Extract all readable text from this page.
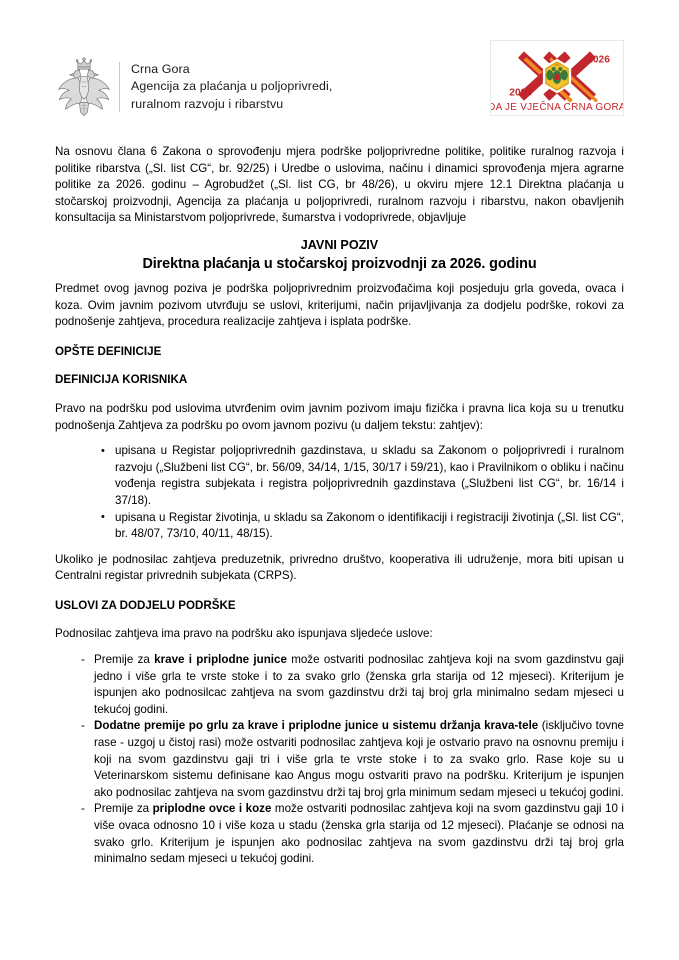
Crna Gora
Agencija za plaćanja u poljoprivredi,
ruralnom razvoju i ribarstvu
2006
2026
DA JE VJEČNA CRNA GORA

Na osnovu člana 6 Zakona o sprovođenju mjera podrške poljoprivredne politike, politike ruralnog razvoja i politike ribarstva („Sl. list CG“, br. 92/25) i Uredbe o uslovima, načinu i dinamici sprovođenja mjera agrarne politike za 2026. godinu – Agrobudžet („Sl. list CG, br 48/26), u okviru mjere 12.1 Direktna plaćanja u stočarskoj proizvodnji, Agencija za plaćanja u poljoprivredi, ruralnom razvoju i ribarstvu, nakon obavljenih konsultacija sa Ministarstvom poljoprivrede, šumarstva i vodoprivrede, objavljuje

JAVNI POZIV
Direktna plaćanja u stočarskoj proizvodnji za 2026. godinu

Predmet ovog javnog poziva je podrška poljoprivrednim proizvođačima koji posjeduju grla goveda, ovaca i koza. Ovim javnim pozivom utvrđuju se uslovi, kriterijumi, način prijavljivanja za dodjelu podrške, rokovi za podnošenje zahtjeva, procedura realizacije zahtjeva i isplata podrške.

OPŠTE DEFINICIJE
DEFINICIJA KORISNIKA

Pravo na podršku pod uslovima utvrđenim ovim javnim pozivom imaju fizička i pravna lica koja su u trenutku podnošenja Zahtjeva za podršku po ovom javnom pozivu (u daljem tekstu: zahtjev):

• upisana u Registar poljoprivrednih gazdinstava, u skladu sa Zakonom o poljoprivredi i ruralnom razvoju („Službeni list CG“, br. 56/09, 34/14, 1/15, 30/17 i 59/21), kao i Pravilnikom o obliku i načinu vođenja registra subjekata i registra poljoprivrednih gazdinstava („Službeni list CG“, br. 16/14 i 37/18).
• upisana u Registar životinja, u skladu sa Zakonom o identifikaciji i registraciji životinja („Sl. list CG“, br. 48/07, 73/10, 40/11, 48/15).

Ukoliko je podnosilac zahtjeva preduzetnik, privredno društvo, kooperativa ili udruženje, mora biti upisan u Centralni registar privrednih subjekata (CRPS).

USLOVI ZA DODJELU PODRŠKE

Podnosilac zahtjeva ima pravo na podršku ako ispunjava sljedeće uslove:

- Premije za krave i priplodne junice može ostvariti podnosilac zahtjeva koji na svom gazdinstvu gaji jedno i više grla te vrste stoke i to za svako grlo (ženska grla starija od 12 mjeseci). Kriterijum je ispunjen ako podnosilcac zahtjeva na svom gazdinstvu drži taj broj grla minimalno sedam mjeseci u tekućoj godini.
- Dodatne premije po grlu za krave i priplodne junice u sistemu držanja krava-tele (isključivo tovne rase - uzgoj u čistoj rasi) može ostvariti podnosilac zahtjeva koji je ostvario pravo na osnovnu premiju i koji na svom gazdinstvu gaji tri i više grla te vrste stoke i to za svako grlo. Rase koje su u Veterinarskom sistemu definisane kao Angus mogu ostvariti pravo na podršku. Kriterijum je ispunjen ako podnosilac zahtjeva na svom gazdinstvu drži taj broj grla minimum sedam mjeseci u tekućoj godini.
- Premije za priplodne ovce i koze može ostvariti podnosilac zahtjeva koji na svom gazdinstvu gaji 10 i više ovaca odnosno 10 i više koza u stadu (ženska grla starija od 12 mjeseci). Plaćanje se odnosi na svako grlo. Kriterijum je ispunjen ako podnosilac zahtjeva na svom gazdinstvu drži taj broj grla minimalno sedam mjeseci u tekućoj godini.
